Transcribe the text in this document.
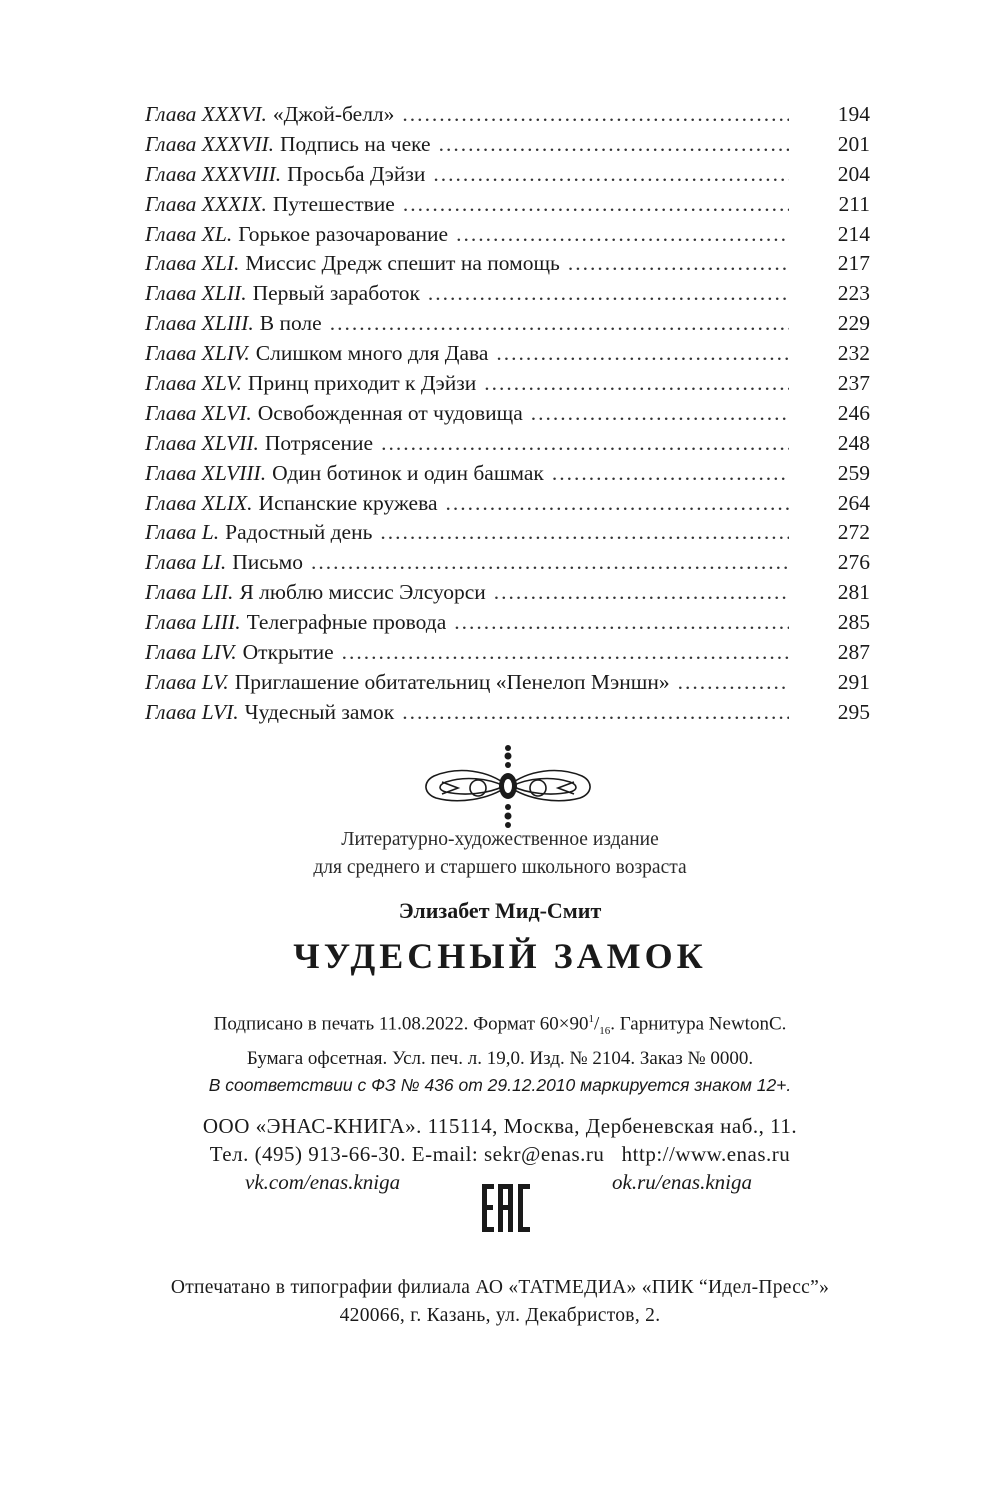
Глава XXXVI. «Джой-белл» .....	194
Глава XXXVII. Подпись на чеке .....	201
Глава XXXVIII. Просьба Дэйзи .....	204
Глава XXXIX. Путешествие .....	211
Глава XL. Горькое разочарование .....	214
Глава XLI. Миссис Дредж спешит на помощь .....	217
Глава XLII. Первый заработок .....	223
Глава XLIII. В поле .....	229
Глава XLIV. Слишком много для Дава .....	232
Глава XLV. Принц приходит к Дэйзи .....	237
Глава XLVI. Освобожденная от чудовища .....	246
Глава XLVII. Потрясение .....	248
Глава XLVIII. Один ботинок и один башмак .....	259
Глава XLIX. Испанские кружева .....	264
Глава L. Радостный день .....	272
Глава LI. Письмо .....	276
Глава LII. Я люблю миссис Элсуорси .....	281
Глава LIII. Телеграфные провода .....	285
Глава LIV. Открытие .....	287
Глава LV. Приглашение обитательниц «Пенелоп Мэншн» .....	291
Глава LVI. Чудесный замок .....	295
Литературно-художественное издание
для среднего и старшего школьного возраста
Элизабет Мид-Смит
ЧУДЕСНЫЙ ЗАМОК
Подписано в печать 11.08.2022. Формат $60\times 90^1/_{16}$. Гарнитура NewtonC.
Бумага офсетная. Усл. печ. л. 19,0. Изд. № 2104. Заказ № 0000.
В соответствии с ФЗ № 436 от 29.12.2010 маркируется знаком 12+.
ООО «ЭНАС-КНИГА». 115114, Москва, Дербеневская наб., 11.
Тел. (495) 913-66-30. E-mail: sekr@enas.ru   http://www.enas.ru
vk.com/enas.kniga	ok.ru/enas.kniga
Отпечатано в типографии филиала АО «ТАТМЕДИА» «ПИК “Идел-Пресс”»
420066, г. Казань, ул. Декабристов, 2.
